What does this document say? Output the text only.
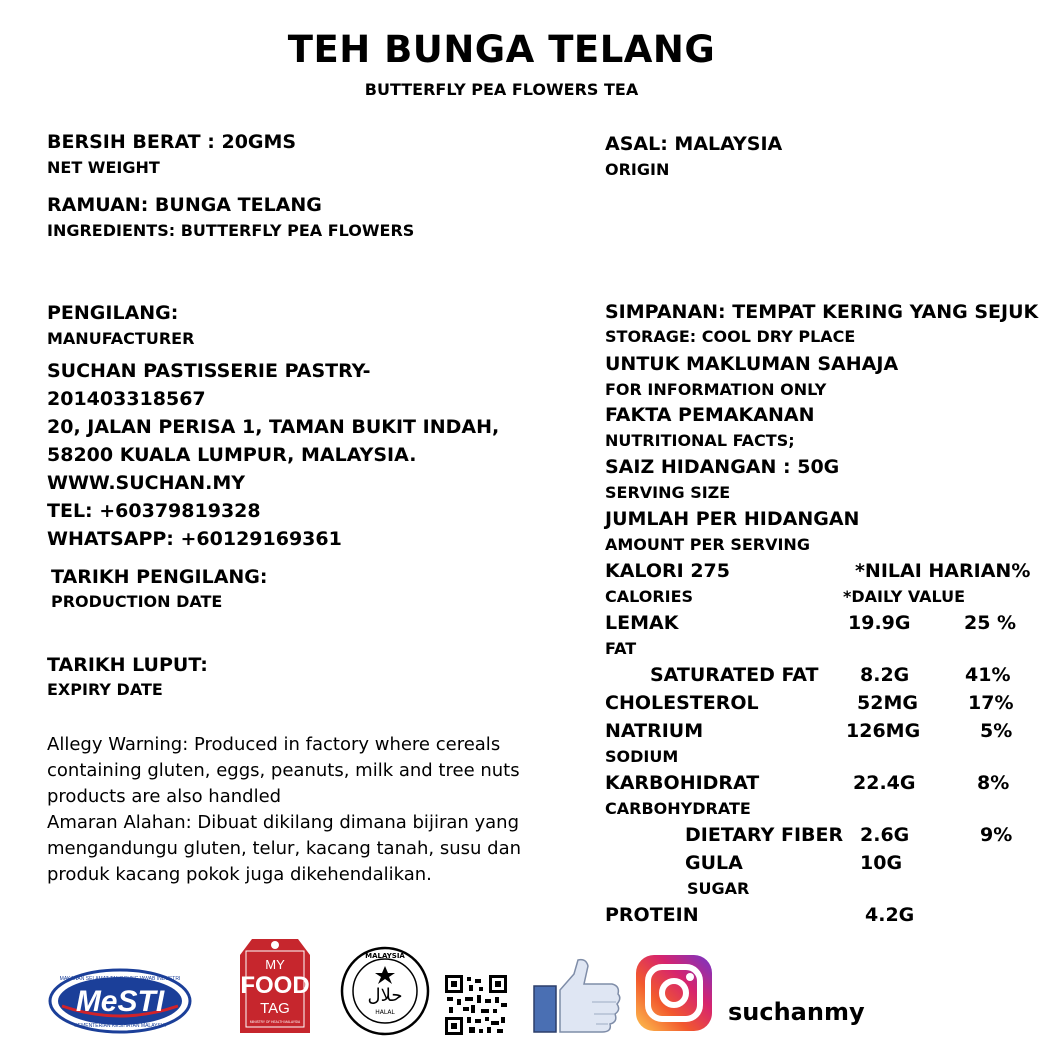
TEH BUNGA TELANG
BUTTERFLY PEA FLOWERS TEA
BERSIH BERAT : 20GMS
NET WEIGHT
RAMUAN: BUNGA TELANG
INGREDIENTS: BUTTERFLY PEA FLOWERS
PENGILANG:
MANUFACTURER
SUCHAN PASTISSERIE PASTRY-
201403318567
20, JALAN PERISA 1, TAMAN BUKIT INDAH,
58200 KUALA LUMPUR, MALAYSIA.
WWW.SUCHAN.MY
TEL: +60379819328
WHATSAPP: +60129169361
TARIKH PENGILANG:
PRODUCTION DATE
TARIKH LUPUT:
EXPIRY DATE
Allegy Warning: Produced in factory where cereals
containing gluten, eggs, peanuts, milk and tree nuts
products are also handled
Amaran Alahan: Dibuat dikilang dimana bijiran yang
mengandungu gluten, telur, kacang tanah, susu dan
produk kacang pokok juga dikehendalikan.
ASAL: MALAYSIA
ORIGIN
SIMPANAN: TEMPAT KERING YANG SEJUK
STORAGE: COOL DRY PLACE
UNTUK MAKLUMAN SAHAJA
FOR INFORMATION ONLY
FAKTA PEMAKANAN
NUTRITIONAL FACTS;
SAIZ HIDANGAN : 50G
SERVING SIZE
JUMLAH PER HIDANGAN
AMOUNT PER SERVING
KALORI 275	*NILAI HARIAN%
CALORIES	*DAILY VALUE
LEMAK	19.9G	25 %
FAT
SATURATED FAT 8.2G	41%
CHOLESTEROL	52MG	17%
NATRIUM	126MG	5%
SODIUM
KARBOHIDRAT	22.4G	8%
CARBOHYDRATE
DIETARY FIBER 2.6G	9%
GULA	10G
SUGAR
PROTEIN	4.2G
MeSTI
MAKANAN SELAMAT TANGGUNGJAWAB INDUSTRI
KEMENTERIAN KESIHATAN MALAYSIA
MY
FOOD
TAG
MINISTRY OF HEALTH MALAYSIA
MALAYSIA
حلال
HALAL	suchanmy
